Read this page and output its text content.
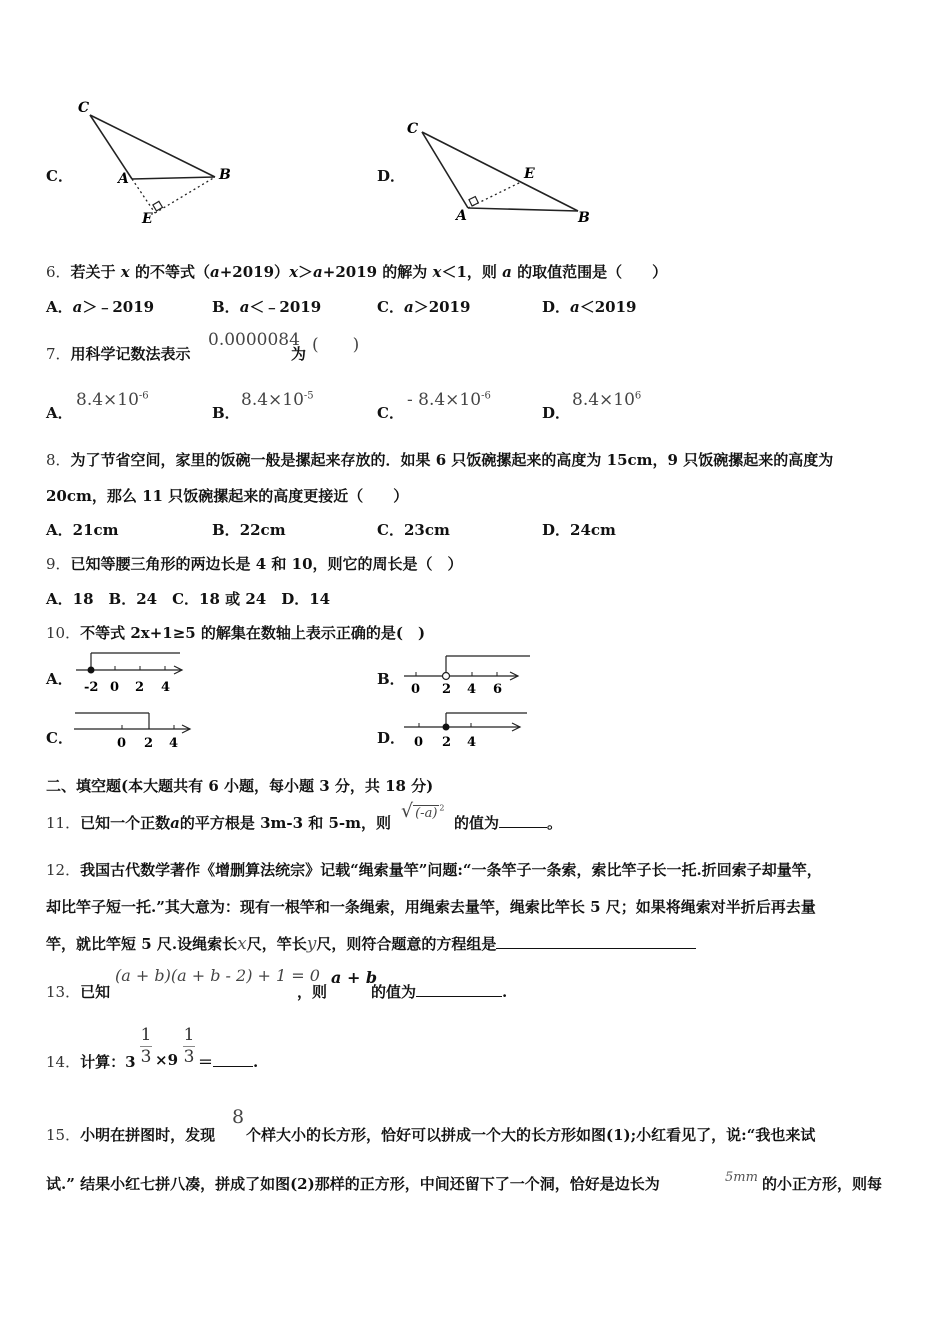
C．
C
A	B
E
D．
C
E
A	B
6．若关于 x 的不等式（a+2019）x＞a+2019 的解为 x＜1，则 a 的取值范围是（　　）
A．a＞﹣2019	B．a＜﹣2019	C．a＞2019	D．a＜2019
7．用科学记数法表示
0.0000084
为 (　　)
A．
$8.4\times 10^{-6}$
B．
$8.4\times 10^{-5}$
C．
- $8.4\times 10^{-6}$
D．
$8.4\times 10^6$
8．为了节省空间，家里的饭碗一般是摞起来存放的．如果 6 只饭碗摞起来的高度为 15cm，9 只饭碗摞起来的高度为
20cm，那么 11 只饭碗摞起来的高度更接近（　　）
A．21cm	B．22cm	C．23cm	D．24cm
9．已知等腰三角形的两边长是 4 和 10，则它的周长是（　）
A．18　B．24　C．18 或 24　D．14
10．不等式 2x+1≥5 的解集在数轴上表示正确的是(　)
A． -2 0 2 4	B．
0 2 4 6
C．	0 2 4	D． 0 2 4
二、填空题(本大题共有 6 小题，每小题 3 分，共 18 分)
11．已知一个正数a的平方根是 3m-3 和 5-m，则
√ (-a) $^2$
的值为	。
12．我国古代数学著作《增删算法统宗》记载“绳索量竿”问题:“一条竿子一条索，索比竿子长一托.折回索子却量竿，
却比竿子短一托.”其大意为：现有一根竿和一条绳索，用绳索去量竿，绳索比竿长 5 尺；如果将绳索对半折后再去量
竿，就比竿短 5 尺.设绳索长x尺，竿长y尺，则符合题意的方程组是
13．已知
(a + b)(a + b - 2) + 1 = 0
，则
a + b
的值为	.
14．计算：$3 \frac{1}{3} \times 9 \frac{1}{3}$ ＝	.
15．小明在拼图时，发现
8
个样大小的长方形，恰好可以拼成一个大的长方形如图(1);小红看见了，说:“我也来试
试.” 结果小红七拼八凑，拼成了如图(2)那样的正方形，中间还留下了一个洞，恰好是边长为	5mm 的小正方形，则每
